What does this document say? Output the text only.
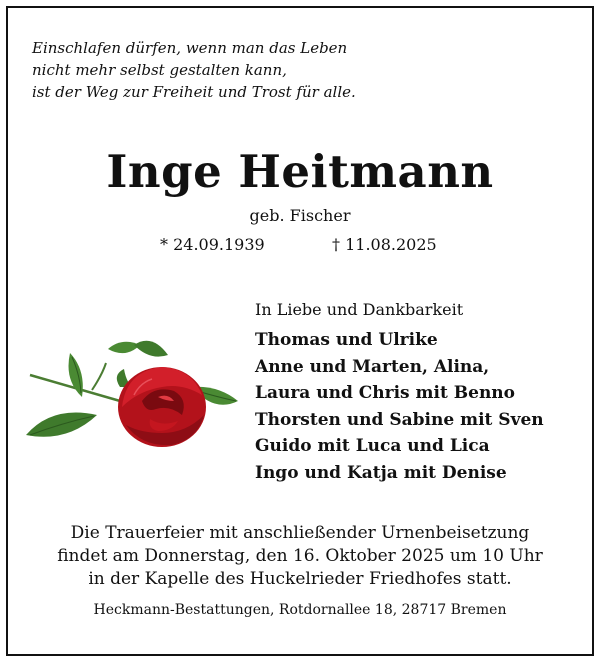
Einschlafen dürfen, wenn man das Leben
nicht mehr selbst gestalten kann,
ist der Weg zur Freiheit und Trost für alle.
Inge Heitmann
geb. Fischer
* 24.09.1939	† 11.08.2025
In Liebe und Dankbarkeit
Thomas und Ulrike
Anne und Marten, Alina,
Laura und Chris mit Benno
Thorsten und Sabine mit Sven
Guido mit Luca und Lica
Ingo und Katja mit Denise
Die Trauerfeier mit anschließender Urnenbeisetzung
findet am Donnerstag, den 16. Oktober 2025 um 10 Uhr
in der Kapelle des Huckelrieder Friedhofes statt.
Heckmann-Bestattungen, Rotdornallee 18, 28717 Bremen
